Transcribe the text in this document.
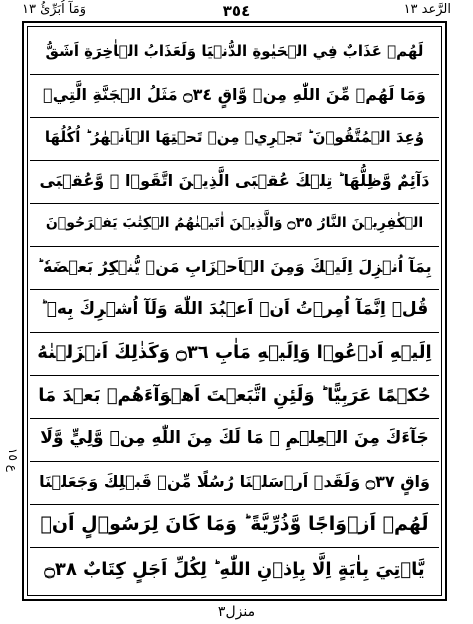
وَمَآ اُبَرِّئُ ١٣	٣٥٤	الرَّعد ١٣
لَهُمۡ عَذَابٌ فِي الۡحَيٰوةِ الدُّنۡيَا وَلَعَذَابُ الۡاٰخِرَةِ اَشَقُّ
وَمَا لَهُمۡ مِّنَ اللّٰهِ مِنۡ وَّاقٍ ۝٣٤ مَثَلُ الۡجَنَّةِ الَّتِيۡ
وُعِدَ الۡمُتَّقُوۡنَ ؕ تَجۡرِيۡ مِنۡ تَحۡتِهَا الۡاَنۡهٰرُ ؕ اُكُلُهَا
دَآئِمٌ وَّظِلُّهَا ؕ تِلۡكَ عُقۡبَى الَّذِيۡنَ اتَّقَوۡا ۖ وَّعُقۡبَى
الۡكٰفِرِيۡنَ النَّارُ ۝٣٥ وَالَّذِيۡنَ اٰتَيۡنٰهُمُ الۡكِتٰبَ يَفۡرَحُوۡنَ
بِمَآ اُنۡزِلَ اِلَيۡكَ وَمِنَ الۡاَحۡزَابِ مَنۡ يُّنۡكِرُ بَعۡضَهٗ ؕ
قُلۡ اِنَّمَآ اُمِرۡتُ اَنۡ اَعۡبُدَ اللّٰهَ وَلَآ اُشۡرِكَ بِهٖ ؕ
اِلَيۡهِ اَدۡعُوۡا وَاِلَيۡهِ مَاٰبِ ۝٣٦ وَكَذٰلِكَ اَنۡزَلۡنٰهُ
حُكۡمًا عَرَبِيًّا ؕ وَلَئِنِ اتَّبَعۡتَ اَهۡوَآءَهُمۡ بَعۡدَ مَا
جَآءَكَ مِنَ الۡعِلۡمِ ۙ مَا لَكَ مِنَ اللّٰهِ مِنۡ وَّلِيٍّ وَّلَا
وَاقٍ ۝٣٧ وَلَقَدۡ اَرۡسَلۡنَا رُسُلًا مِّنۡ قَبۡلِكَ وَجَعَلۡنَا
لَهُمۡ اَزۡوَاجًا وَّذُرِّيَّةً ؕ وَمَا كَانَ لِرَسُوۡلٍ اَنۡ
يَّاۡتِيَ بِاٰيَةٍ اِلَّا بِاِذۡنِ اللّٰهِ ؕ لِكُلِّ اَجَلٍ كِتَابٌ ۝٣٨
ع ١٥
منزل٣
